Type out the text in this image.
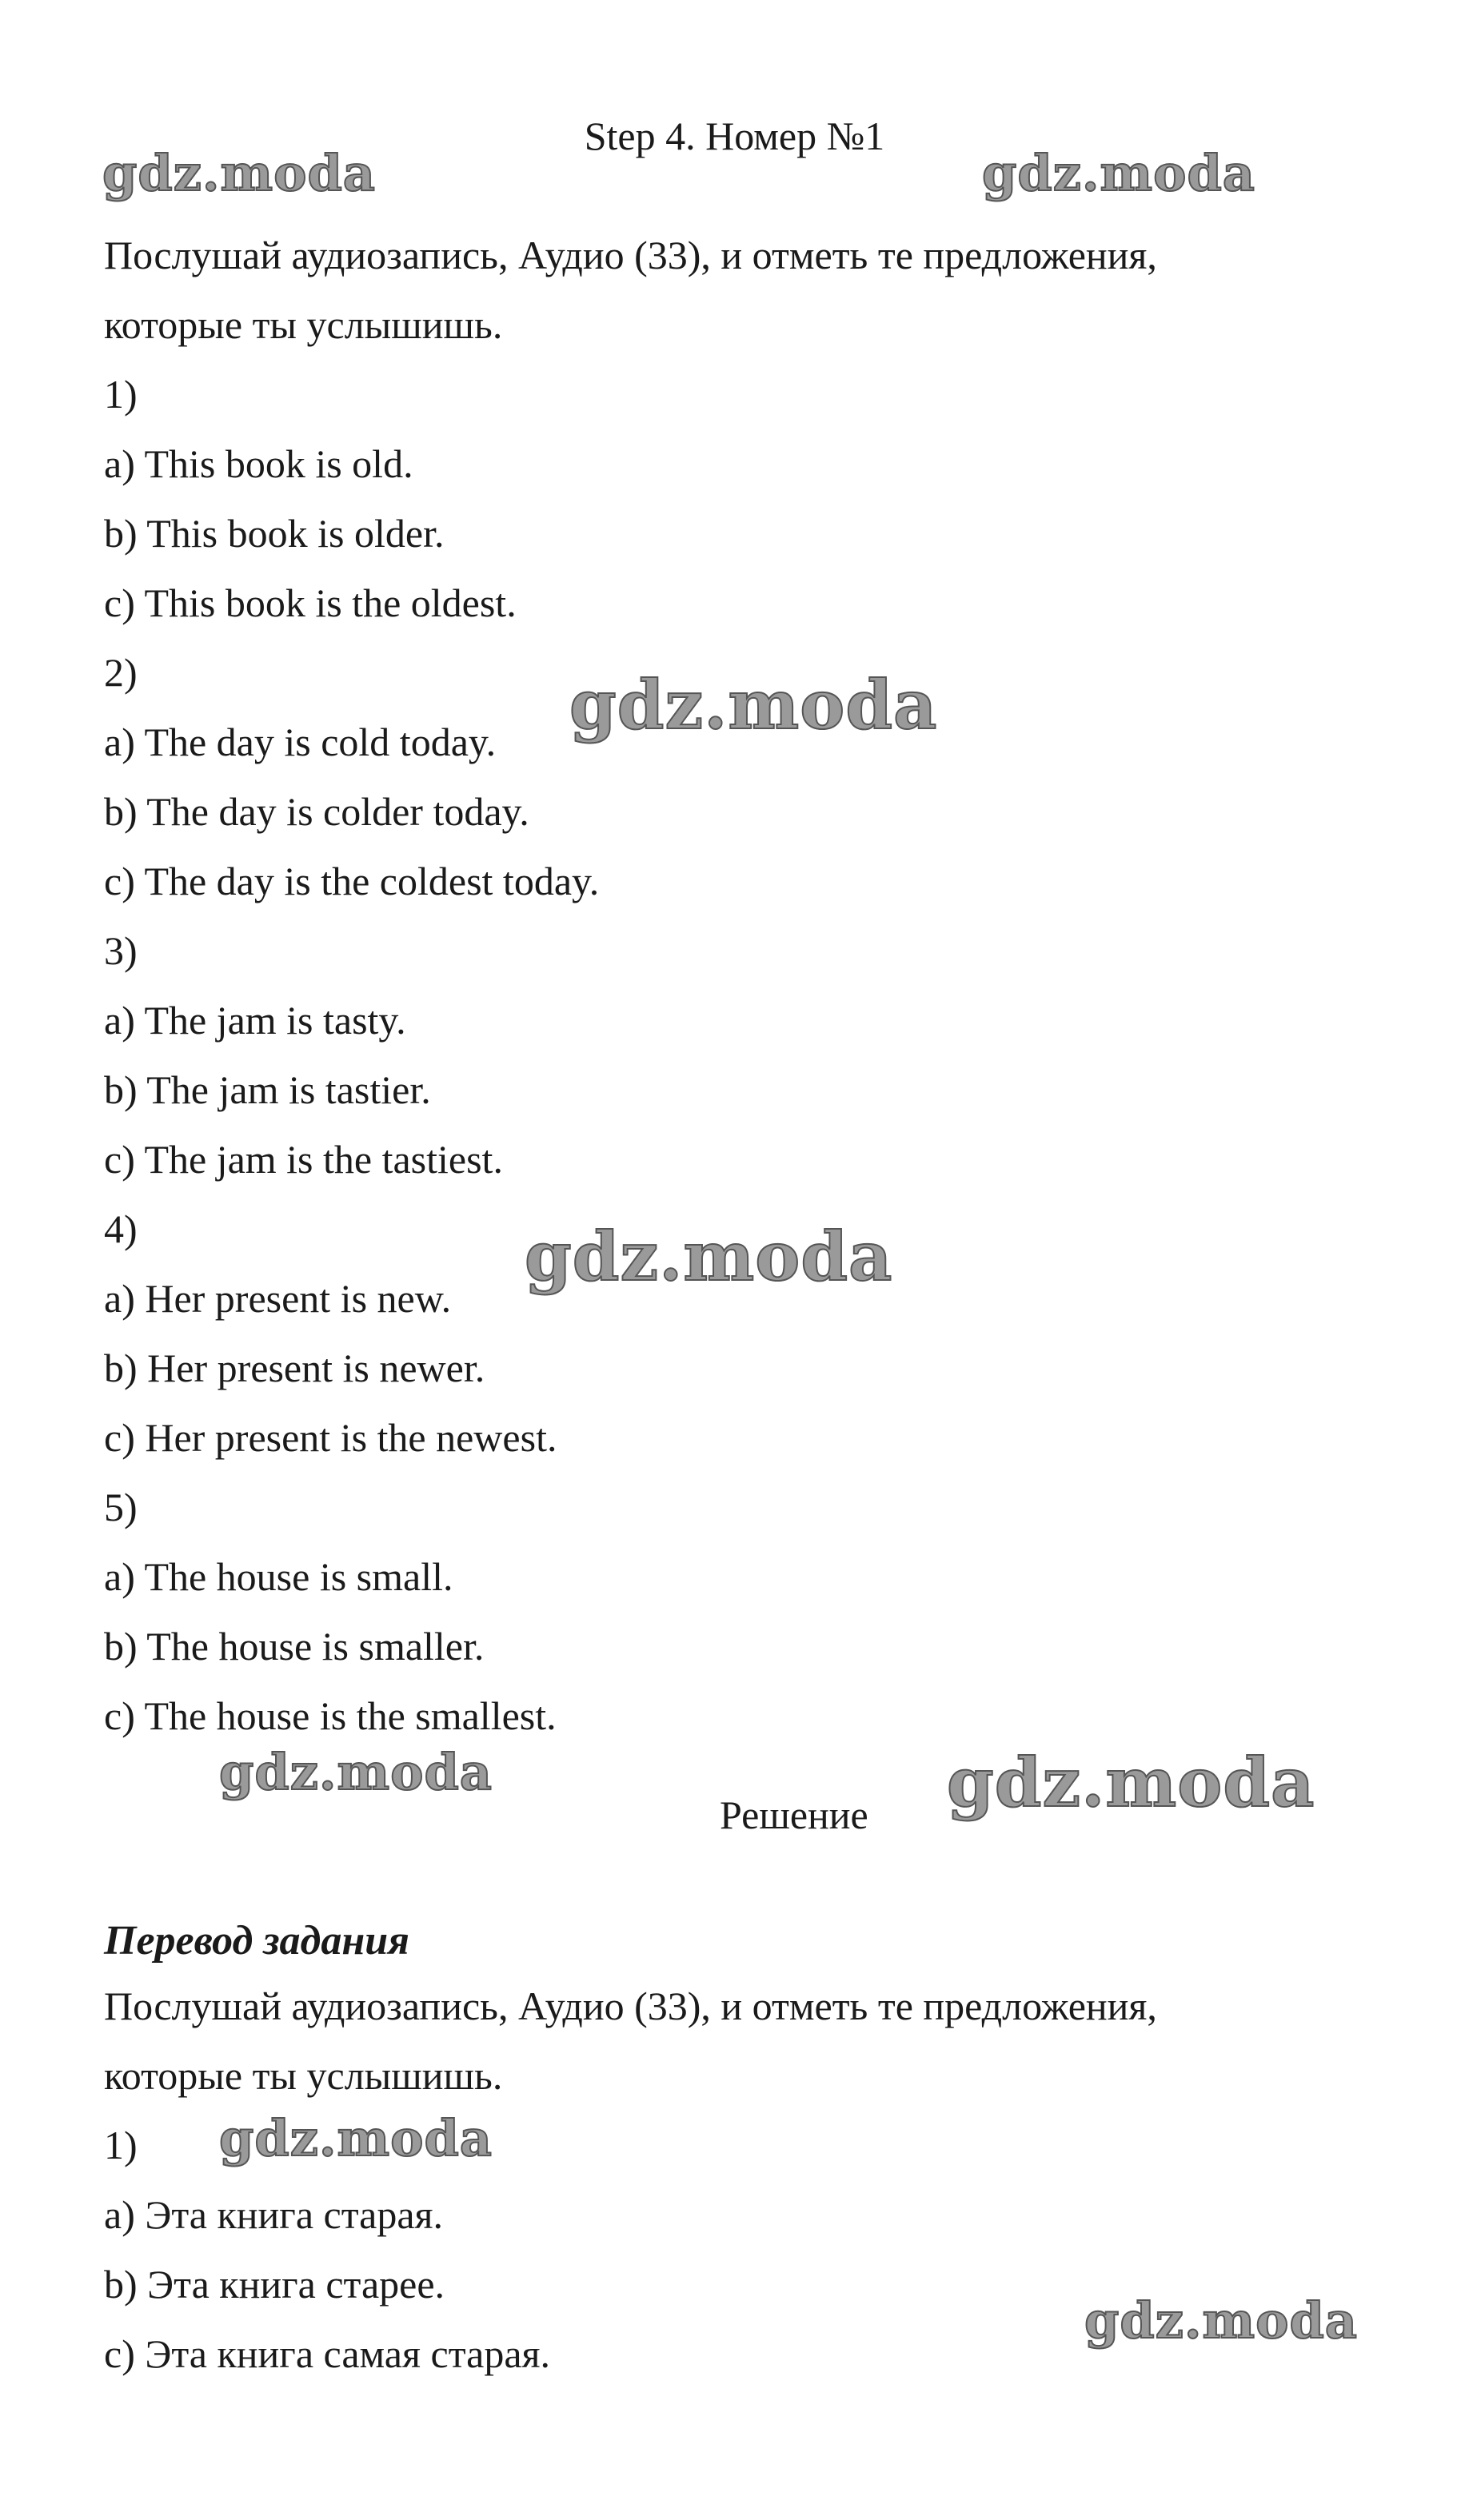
Step 4. Номер №1
Послушай аудиозапись, Аудио (33), и отметь те предложения,
которые ты услышишь.
1)
a) This book is old.
b) This book is older.
c) This book is the oldest.
2)
a) The day is cold today.
b) The day is colder today.
c) The day is the coldest today.
3)
a) The jam is tasty.
b) The jam is tastier.
c) The jam is the tastiest.
4)
a) Her present is new.
b) Her present is newer.
c) Her present is the newest.
5)
a) The house is small.
b) The house is smaller.
c) The house is the smallest.
Решение
Перевод задания
Послушай аудиозапись, Аудио (33), и отметь те предложения,
которые ты услышишь.
1)
а) Эта книга старая.
b) Эта книга старее.
с) Эта книга самая старая.
gdz.moda	gdz.moda
gdz.moda
gdz.moda
gdz.moda	gdz.moda
gdz.moda
gdz.moda
